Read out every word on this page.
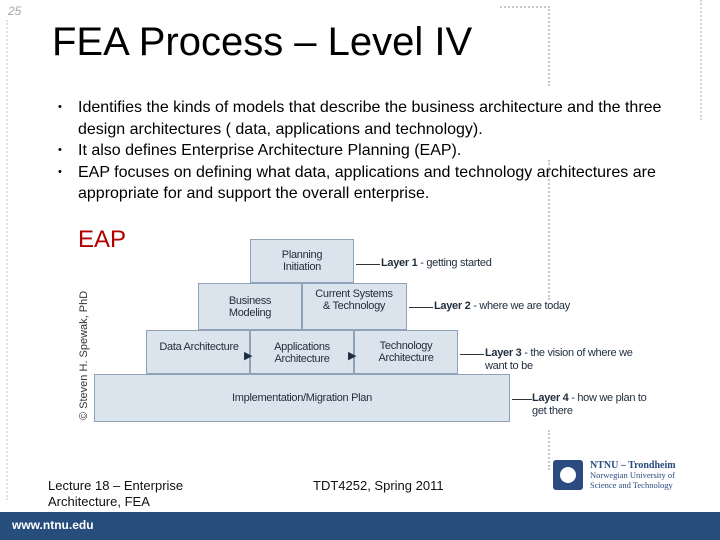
25
FEA Process – Level IV
• Identifies the kinds of models that describe the business architecture and the three design architectures ( data, applications and technology).
• It also defines Enterprise Architecture Planning (EAP).
• EAP focuses on defining what data, applications and technology architectures are appropriate for and support the overall enterprise.
EAP
© Steven H. Spewak, PhD
Planning Initiation
Business Modeling
Current Systems & Technology
Data Architecture	Applications Architecture
Technology Architecture
▶	▶
Implementation/Migration Plan
Layer 1 - getting started
Layer 2 - where we are today
Layer 3 - the vision of where we want to be
Layer 4 - how we plan to get there
Lecture 18 – Enterprise Architecture, FEA
TDT4252, Spring 2011
NTNU – Trondheim
Norwegian University of
Science and Technology
www.ntnu.edu
